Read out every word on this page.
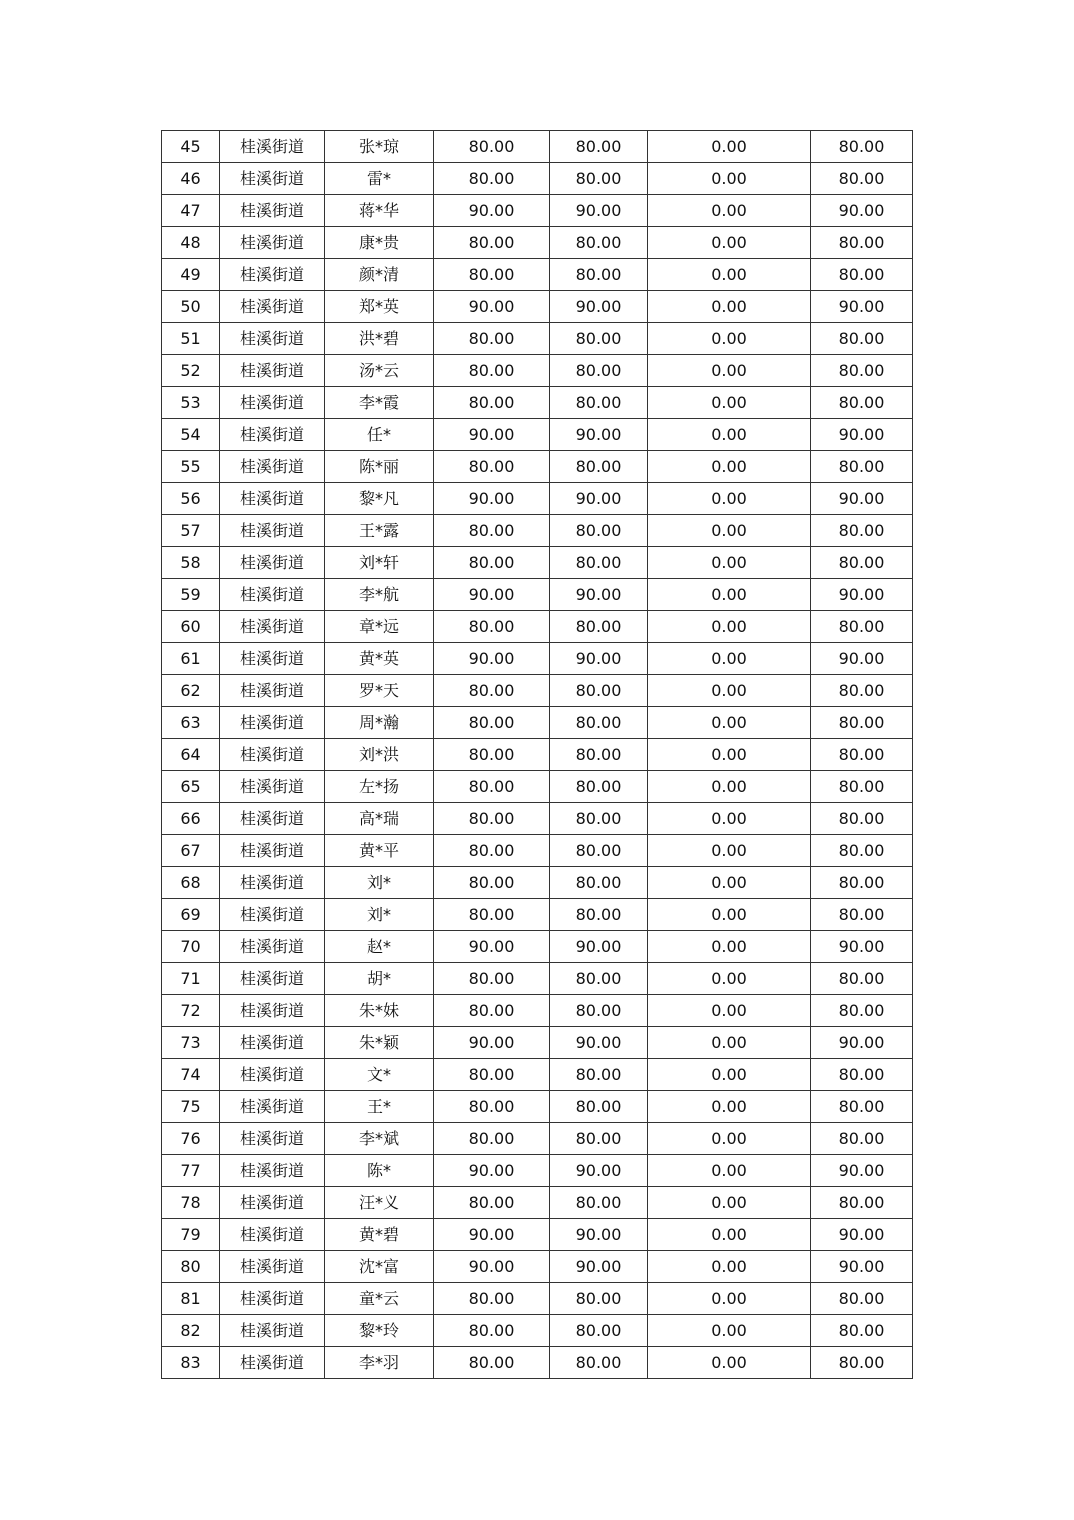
45	桂溪街道	张*琼	80.00	80.00	0.00	80.00
46	桂溪街道	雷*	80.00	80.00	0.00	80.00
47	桂溪街道	蒋*华	90.00	90.00	0.00	90.00
48	桂溪街道	康*贵	80.00	80.00	0.00	80.00
49	桂溪街道	颜*清	80.00	80.00	0.00	80.00
50	桂溪街道	郑*英	90.00	90.00	0.00	90.00
51	桂溪街道	洪*碧	80.00	80.00	0.00	80.00
52	桂溪街道	汤*云	80.00	80.00	0.00	80.00
53	桂溪街道	李*霞	80.00	80.00	0.00	80.00
54	桂溪街道	任*	90.00	90.00	0.00	90.00
55	桂溪街道	陈*丽	80.00	80.00	0.00	80.00
56	桂溪街道	黎*凡	90.00	90.00	0.00	90.00
57	桂溪街道	王*露	80.00	80.00	0.00	80.00
58	桂溪街道	刘*轩	80.00	80.00	0.00	80.00
59	桂溪街道	李*航	90.00	90.00	0.00	90.00
60	桂溪街道	章*远	80.00	80.00	0.00	80.00
61	桂溪街道	黄*英	90.00	90.00	0.00	90.00
62	桂溪街道	罗*天	80.00	80.00	0.00	80.00
63	桂溪街道	周*瀚	80.00	80.00	0.00	80.00
64	桂溪街道	刘*洪	80.00	80.00	0.00	80.00
65	桂溪街道	左*扬	80.00	80.00	0.00	80.00
66	桂溪街道	高*瑞	80.00	80.00	0.00	80.00
67	桂溪街道	黄*平	80.00	80.00	0.00	80.00
68	桂溪街道	刘*	80.00	80.00	0.00	80.00
69	桂溪街道	刘*	80.00	80.00	0.00	80.00
70	桂溪街道	赵*	90.00	90.00	0.00	90.00
71	桂溪街道	胡*	80.00	80.00	0.00	80.00
72	桂溪街道	朱*妹	80.00	80.00	0.00	80.00
73	桂溪街道	朱*颖	90.00	90.00	0.00	90.00
74	桂溪街道	文*	80.00	80.00	0.00	80.00
75	桂溪街道	王*	80.00	80.00	0.00	80.00
76	桂溪街道	李*斌	80.00	80.00	0.00	80.00
77	桂溪街道	陈*	90.00	90.00	0.00	90.00
78	桂溪街道	汪*义	80.00	80.00	0.00	80.00
79	桂溪街道	黄*碧	90.00	90.00	0.00	90.00
80	桂溪街道	沈*富	90.00	90.00	0.00	90.00
81	桂溪街道	童*云	80.00	80.00	0.00	80.00
82	桂溪街道	黎*玲	80.00	80.00	0.00	80.00
83	桂溪街道	李*羽	80.00	80.00	0.00	80.00
